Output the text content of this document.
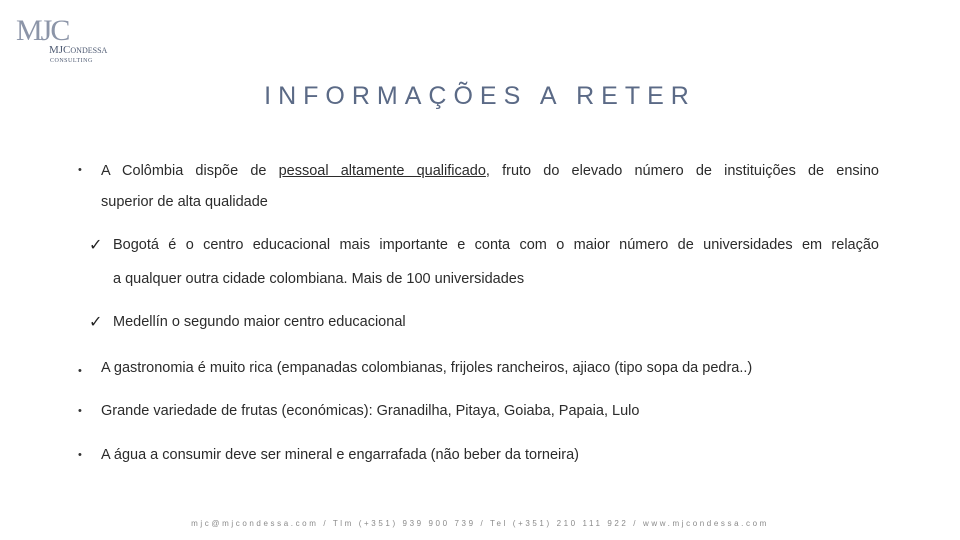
MJC
MJCondessa
CONSULTING
INFORMAÇÕES A RETER
• A Colômbia dispõe de pessoal altamente qualificado, fruto do elevado número de instituições de ensino
superior de alta qualidade
✓ Bogotá é o centro educacional mais importante e conta com o maior número de universidades em relação
a qualquer outra cidade colombiana. Mais de 100 universidades
✓ Medellín o segundo maior centro educacional
• A gastronomia é muito rica (empanadas colombianas, frijoles rancheiros, ajiaco (tipo sopa da pedra..)
• Grande variedade de frutas (económicas): Granadilha, Pitaya, Goiaba, Papaia, Lulo
• A água a consumir deve ser mineral e engarrafada (não beber da torneira)
mjc@mjcondessa.com / Tlm (+351) 939 900 739 / Tel (+351) 210 111 922 / www.mjcondessa.com
